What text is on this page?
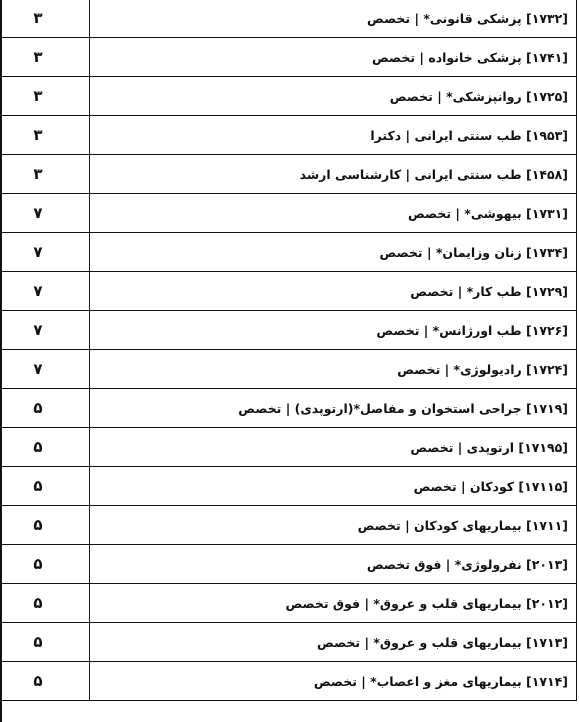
۳	[۱۷۳۲] پزشکی قانونی* | تخصص
۳	[۱۷۴۱] پزشکی خانواده | تخصص
۳	[۱۷۲۵] روانپزشکی* | تخصص
۳	[۱۹۵۳] طب سنتی ایرانی | دکترا
۳	[۱۴۵۸] طب سنتی ایرانی | کارشناسی ارشد
۷	[۱۷۳۱] بیهوشی* | تخصص
۷	[۱۷۳۴] زنان وزایمان* | تخصص
۷	[۱۷۲۹] طب کار* | تخصص
۷	[۱۷۲۶] طب اورژانس* | تخصص
۷	[۱۷۲۴] رادیولوژی* | تخصص
۵	[۱۷۱۹] جراحی استخوان و مفاصل*(ارتوپدی) | تخصص
۵	[۱۷۱۹۵] ارتوپدی | تخصص
۵	[۱۷۱۱۵] کودکان | تخصص
۵	[۱۷۱۱] بیماریهای کودکان | تخصص
۵	[۲۰۱۳] نفرولوژی* | فوق تخصص
۵	[۲۰۱۲] بیماریهای قلب و عروق* | فوق تخصص
۵	[۱۷۱۳] بیماریهای قلب و عروق* | تخصص
۵	[۱۷۱۴] بیماریهای مغز و اعصاب* | تخصص
